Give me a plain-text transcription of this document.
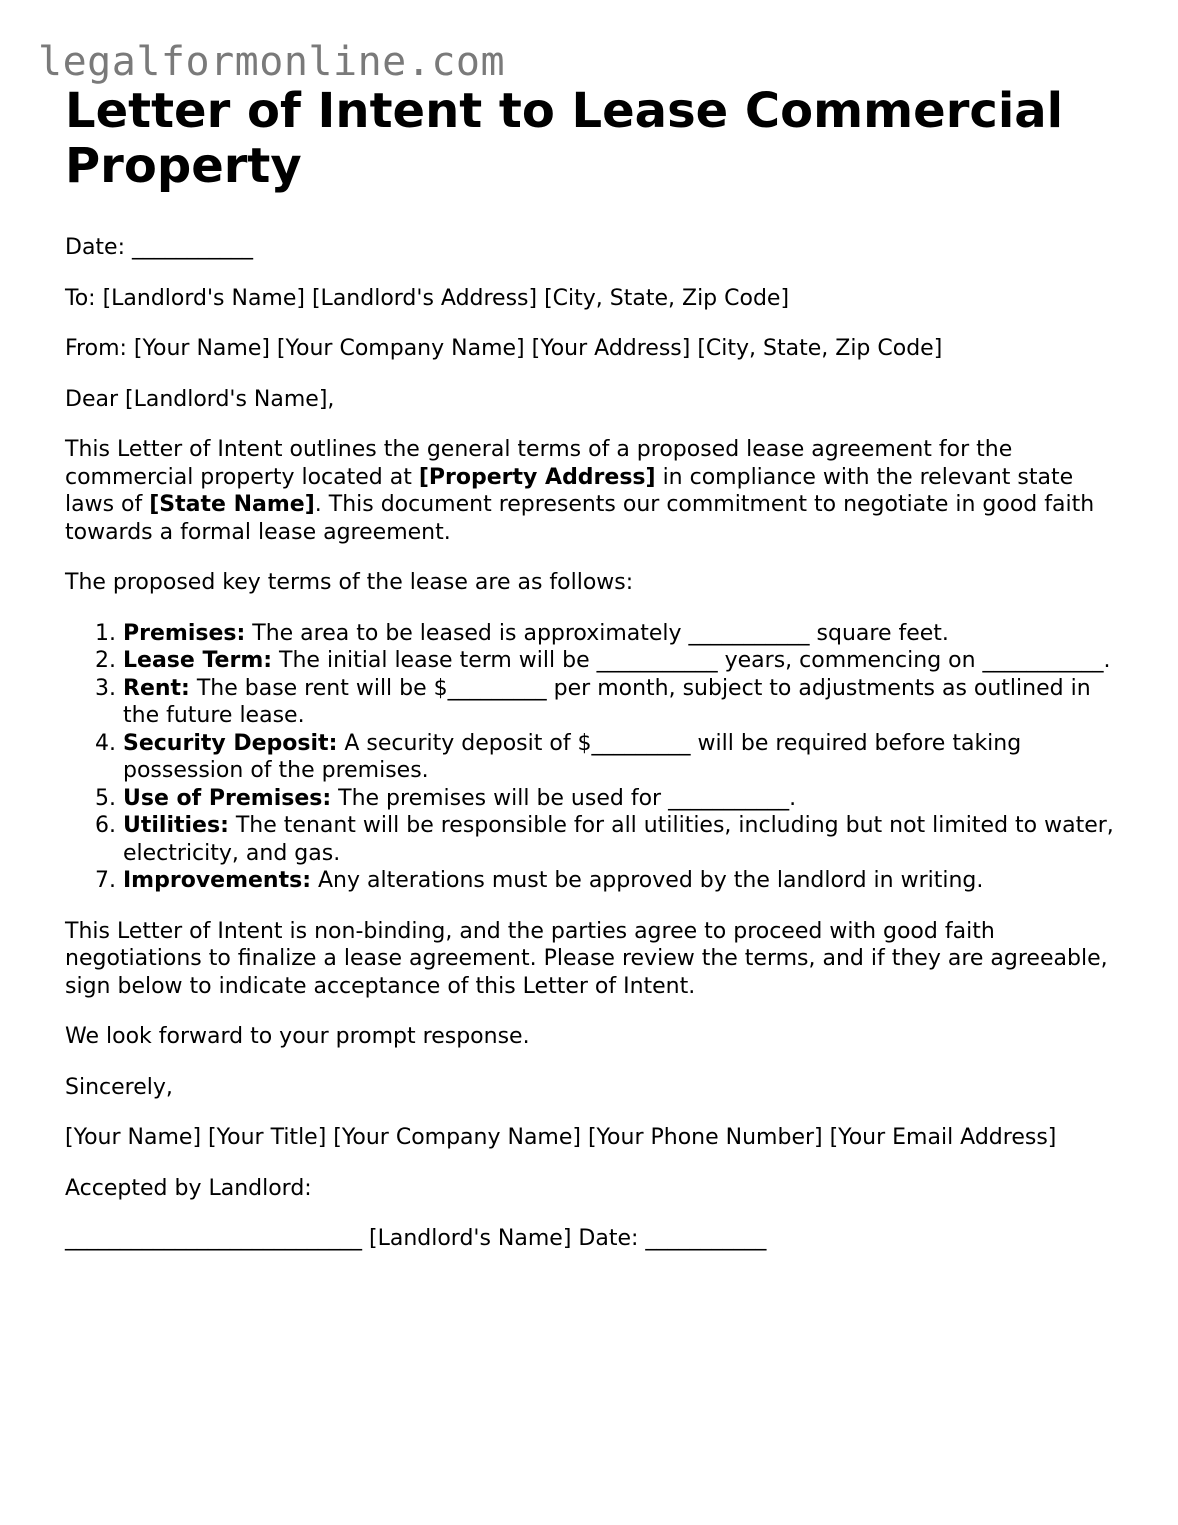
legalformonline.com
Letter of Intent to Lease Commercial Property

Date: ___________

To: [Landlord's Name] [Landlord's Address] [City, State, Zip Code]

From: [Your Name] [Your Company Name] [Your Address] [City, State, Zip Code]

Dear [Landlord's Name],

This Letter of Intent outlines the general terms of a proposed lease agreement for the commercial property located at [Property Address] in compliance with the relevant state laws of [State Name]. This document represents our commitment to negotiate in good faith towards a formal lease agreement.

The proposed key terms of the lease are as follows:

1. Premises: The area to be leased is approximately ___________ square feet.
2. Lease Term: The initial lease term will be ___________ years, commencing on ___________.
3. Rent: The base rent will be $_________ per month, subject to adjustments as outlined in the future lease.
4. Security Deposit: A security deposit of $_________ will be required before taking possession of the premises.
5. Use of Premises: The premises will be used for ___________.
6. Utilities: The tenant will be responsible for all utilities, including but not limited to water, electricity, and gas.
7. Improvements: Any alterations must be approved by the landlord in writing.

This Letter of Intent is non-binding, and the parties agree to proceed with good faith negotiations to finalize a lease agreement. Please review the terms, and if they are agreeable, sign below to indicate acceptance of this Letter of Intent.

We look forward to your prompt response.

Sincerely,

[Your Name] [Your Title] [Your Company Name] [Your Phone Number] [Your Email Address]

Accepted by Landlord:

___________________________ [Landlord's Name] Date: ___________
